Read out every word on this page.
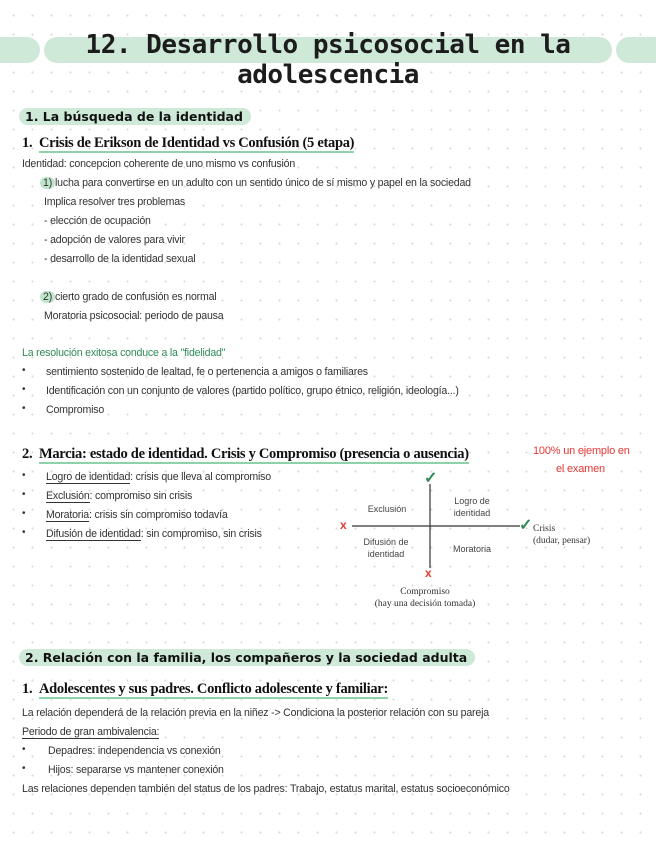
12. Desarrollo psicosocial en la adolescencia
1. La búsqueda de la identidad
1. Crisis de Erikson de Identidad vs Confusión (5 etapa)
Identidad: concepcion coherente de uno mismo vs confusión
1) lucha para convertirse en un adulto con un sentido único de sí mismo y papel en la sociedad
Implica resolver tres problemas
- elección de ocupación
- adopción de valores para vivir
- desarrollo de la identidad sexual
2) cierto grado de confusión es normal
Moratoria psicosocial: periodo de pausa
La resolución exitosa conduce a la "fidelidad"
• sentimiento sostenido de lealtad, fe o pertenencia a amigos o familiares
• Identificación con un conjunto de valores (partido político, grupo étnico, religión, ideología...)
• Compromiso
2. Marcia: estado de identidad. Crisis y Compromiso (presencia o ausencia)	100% un ejemplo en
el examen
• Logro de identidad: crisis que lleva al compromiso
• Exclusión: compromiso sin crisis
• Moratoria: crisis sin compromiso todavía
• Difusión de identidad: sin compromiso, sin crisis
✓
✓
x
x
Exclusión
Logro de
identidad
Difusión de
identidad	Moratoria
Crisis
(dudar, pensar)
Compromiso
(hay una decisión tomada)
2. Relación con la familia, los compañeros y la sociedad adulta
1. Adolescentes y sus padres. Conflicto adolescente y familiar:
La relación dependerá de la relación previa en la niñez -> Condiciona la posterior relación con su pareja
Periodo de gran ambivalencia:
• Depadres: independencia vs conexión
• Hijos: separarse vs mantener conexión
Las relaciones dependen también del status de los padres: Trabajo, estatus marital, estatus socioeconómico
